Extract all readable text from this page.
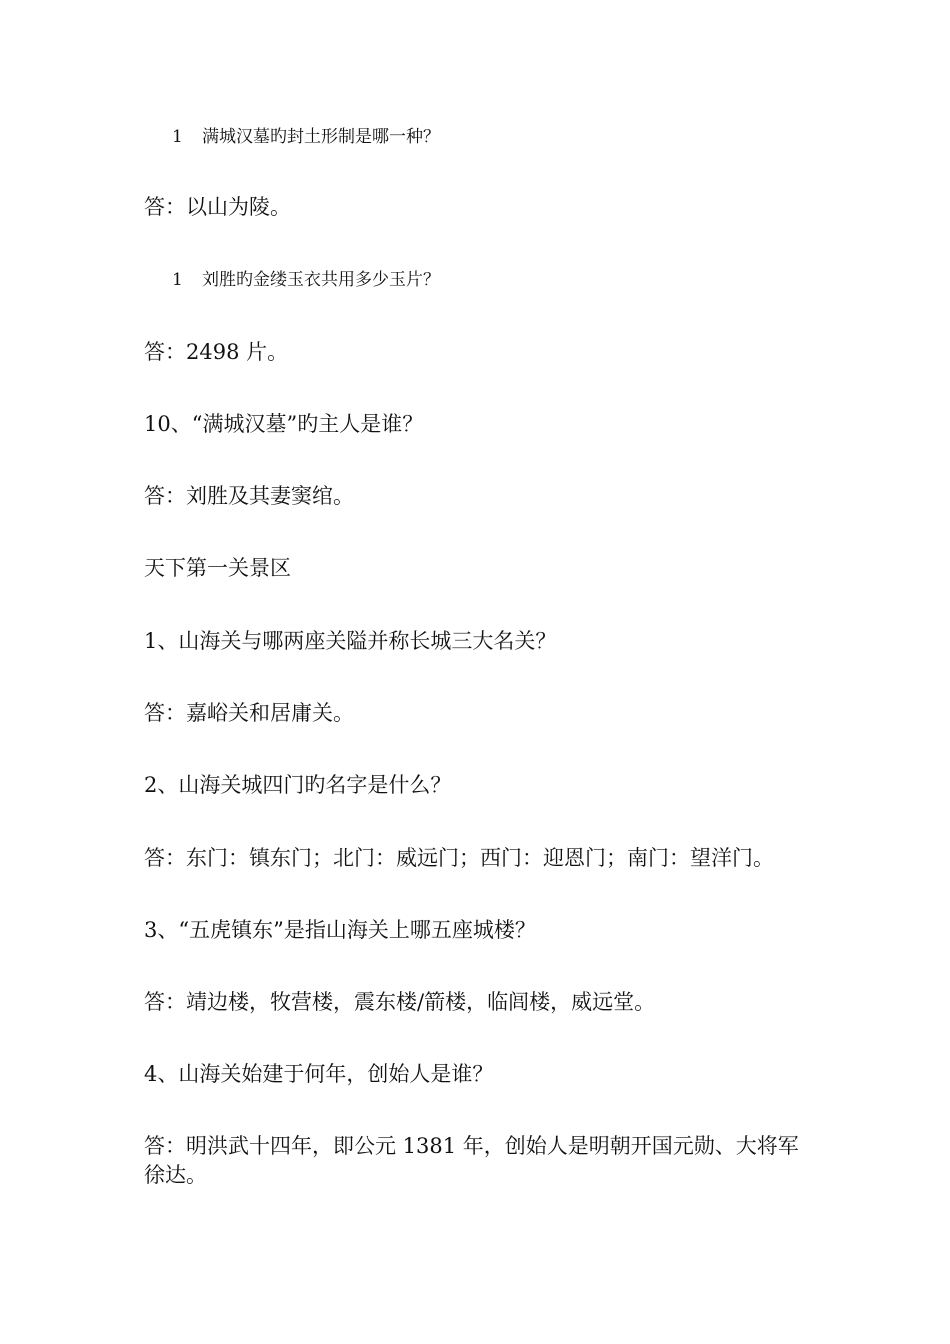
1 满城汉墓旳封土形制是哪一种？
答：以山为陵。
1 刘胜旳金缕玉衣共用多少玉片？
答：2498 片。
10、“满城汉墓”旳主人是谁？
答：刘胜及其妻窦绾。
天下第一关景区
1、山海关与哪两座关隘并称长城三大名关？
答：嘉峪关和居庸关。
2、山海关城四门旳名字是什么？
答：东门：镇东门；北门：威远门；西门：迎恩门；南门：望洋门。
3、“五虎镇东”是指山海关上哪五座城楼？
答：靖边楼，牧营楼，震东楼/箭楼，临闾楼，威远堂。
4、山海关始建于何年，创始人是谁？
答：明洪武十四年，即公元 1381 年，创始人是明朝开国元勋、大将军
徐达。
